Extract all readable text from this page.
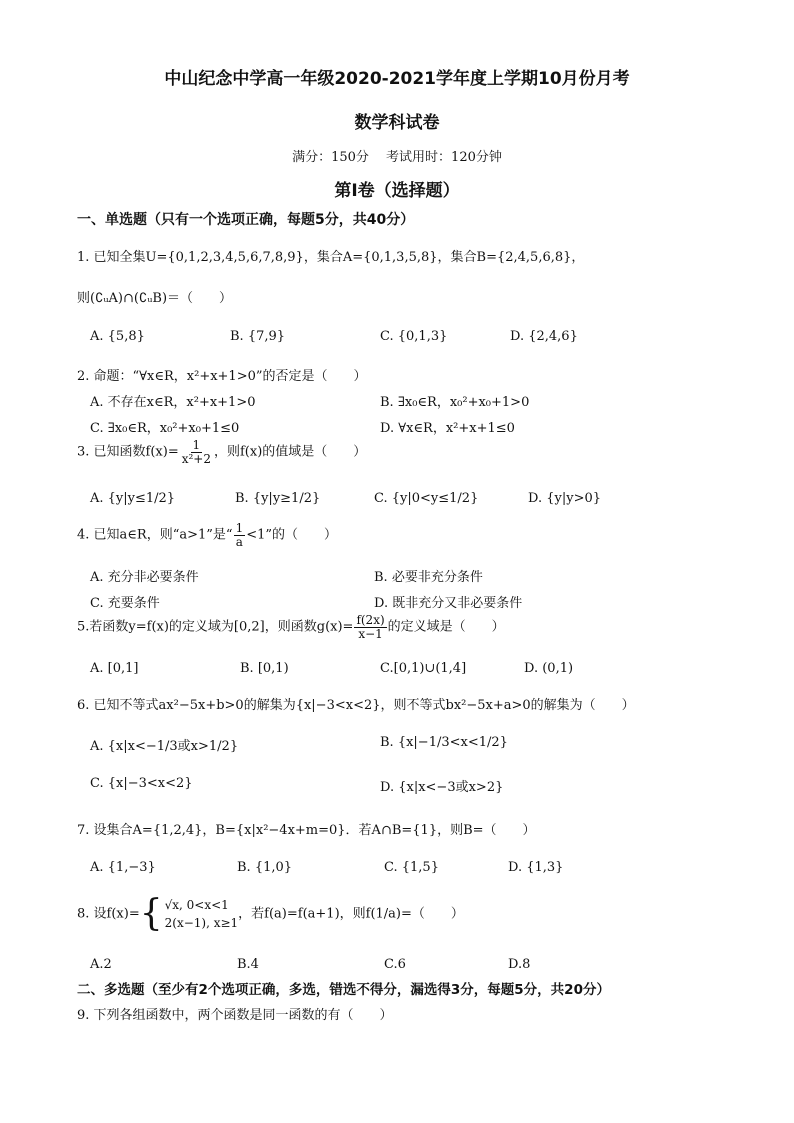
中山纪念中学高一年级2020-2021学年度上学期10月份月考
数学科试卷
满分：150分　 考试用时：120分钟
第Ⅰ卷（选择题）
一、单选题（只有一个选项正确，每题5分，共40分）
1. 已知全集U={0,1,2,3,4,5,6,7,8,9}，集合A={0,1,3,5,8}，集合B={2,4,5,6,8}，
则(∁ᵤA)∩(∁ᵤB)＝（　　）
A. {5,8}	B. {7,9}	C. {0,1,3}	D. {2,4,6}
2. 命题：“∀x∈R，x²+x+1>0”的否定是（　　）
A. 不存在x∈R，x²+x+1>0	B. ∃x₀∈R，x₀²+x₀+1>0
C. ∃x₀∈R，x₀²+x₀+1≤0	D. ∀x∈R，x²+x+1≤0
3. 已知函数$f(x)= \frac{1}{\text{x²+2}}$ ，则f(x)的值域是（　　）
A. {y|y≤1/2}	B. {y|y≥1/2}	C. {y|0<y≤1/2}	D. {y|y>0}
4. 已知a∈R，则“a>1”是“ $\frac{1}{a} <1$”的（　　）
A. 充分非必要条件	B. 必要非充分条件
C. 充要条件	D. 既非充分又非必要条件
5.若函数y=f(x)的定义域为[0,2]，则函数$g(x)= \frac{f(2x)}{x-1}$ 的定义域是（　　）
A. [0,1]	B. [0,1)	C.[0,1)∪(1,4]	D. (0,1)
6. 已知不等式ax²−5x+b>0的解集为{x|−3<x<2}，则不等式bx²−5x+a>0的解集为（　　）
A. {x|x<−1/3或x>1/2}	B. {x|−1/3<x<1/2}
C. {x|−3<x<2}	D. {x|x<−3或x>2}
7. 设集合A={1,2,4}，B={x|x²−4x+m=0}．若A∩B={1}，则B=（　　）
A. {1,−3}	B. {1,0}	C. {1,5}	D. {1,3}
8. 设f(x)= { √x, 0<x<1
2(x−1), x≥1
，若f(a)=f(a+1)，则f(1/a)=（　　）
A.2	B.4	C.6	D.8
二、多选题（至少有2个选项正确，多选，错选不得分，漏选得3分，每题5分，共20分）
9. 下列各组函数中，两个函数是同一函数的有（　　）
